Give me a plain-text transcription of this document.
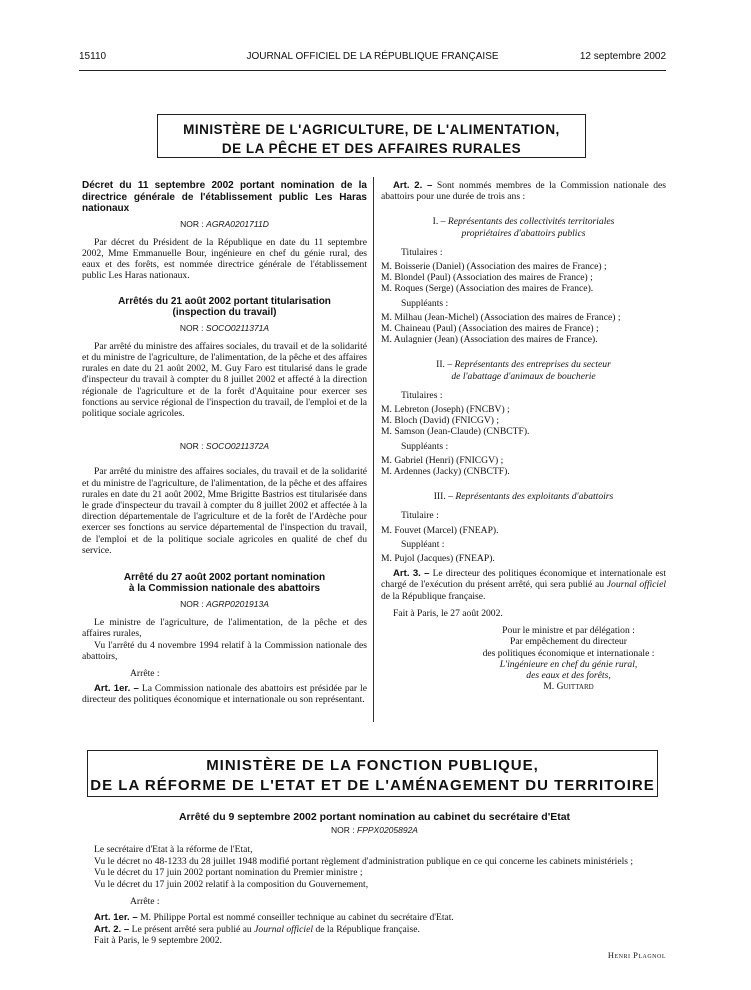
15110	JOURNAL OFFICIEL DE LA RÉPUBLIQUE FRANÇAISE	12 septembre 2002
MINISTÈRE DE L'AGRICULTURE, DE L'ALIMENTATION,
DE LA PÊCHE ET DES AFFAIRES RURALES
Décret du 11 septembre 2002 portant nomination de la directrice générale de l'établissement public Les Haras nationaux
NOR : AGRA0201711D

Par décret du Président de la République en date du 11 septembre 2002, Mme Emmanuelle Bour, ingénieure en chef du génie rural, des eaux et des forêts, est nommée directrice générale de l'établissement public Les Haras nationaux.

Arrêtés du 21 août 2002 portant titularisation
(inspection du travail)
NOR : SOCO0211371A

Par arrêté du ministre des affaires sociales, du travail et de la solidarité et du ministre de l'agriculture, de l'alimentation, de la pêche et des affaires rurales en date du 21 août 2002, M. Guy Faro est titularisé dans le grade d'inspecteur du travail à compter du 8 juillet 2002 et affecté à la direction régionale de l'agriculture et de la forêt d'Aquitaine pour exercer ses fonctions au service régional de l'inspection du travail, de l'emploi et de la politique sociale agricoles.

NOR : SOCO0211372A

Par arrêté du ministre des affaires sociales, du travail et de la solidarité et du ministre de l'agriculture, de l'alimentation, de la pêche et des affaires rurales en date du 21 août 2002, Mme Brigitte Bastrios est titularisée dans le grade d'inspecteur du travail à compter du 8 juillet 2002 et affectée à la direction départementale de l'agriculture et de la forêt de l'Ardèche pour exercer ses fonctions au service départemental de l'inspection du travail, de l'emploi et de la politique sociale agricoles en qualité de chef du service.

Arrêté du 27 août 2002 portant nomination
à la Commission nationale des abattoirs
NOR : AGRP0201913A

Le ministre de l'agriculture, de l'alimentation, de la pêche et des affaires rurales,

Vu l'arrêté du 4 novembre 1994 relatif à la Commission nationale des abattoirs,

Arrête :

Art. 1er. – La Commission nationale des abattoirs est présidée par le directeur des politiques économique et internationale ou son représentant.

Art. 2. – Sont nommés membres de la Commission nationale des abattoirs pour une durée de trois ans :

I. – Représentants des collectivités territoriales
propriétaires d'abattoirs publics
Titulaires :
M. Boisserie (Daniel) (Association des maires de France) ;
M. Blondel (Paul) (Association des maires de France) ;
M. Roques (Serge) (Association des maires de France).
Suppléants :
M. Milhau (Jean-Michel) (Association des maires de France) ;
M. Chaineau (Paul) (Association des maires de France) ;
M. Aulagnier (Jean) (Association des maires de France).
II. – Représentants des entreprises du secteur
de l'abattage d'animaux de boucherie
Titulaires :
M. Lebreton (Joseph) (FNCBV) ;
M. Bloch (David) (FNICGV) ;
M. Samson (Jean-Claude) (CNBCTF).
Suppléants :
M. Gabriel (Henri) (FNICGV) ;
M. Ardennes (Jacky) (CNBCTF).
III. – Représentants des exploitants d'abattoirs
Titulaire :
M. Fouvet (Marcel) (FNEAP).
Suppléant :
M. Pujol (Jacques) (FNEAP).

Art. 3. – Le directeur des politiques économique et internationale est chargé de l'exécution du présent arrêté, qui sera publié au Journal officiel de la République française.

Fait à Paris, le 27 août 2002.

Pour le ministre et par délégation :
Par empêchement du directeur
des politiques économique et internationale :
L'ingénieure en chef du génie rural,
des eaux et des forêts,
M. Guittard
MINISTÈRE DE LA FONCTION PUBLIQUE,
DE LA RÉFORME DE L'ETAT ET DE L'AMÉNAGEMENT DU TERRITOIRE
Arrêté du 9 septembre 2002 portant nomination au cabinet du secrétaire d'Etat
NOR : FPPX0205892A

Le secrétaire d'Etat à la réforme de l'Etat,

Vu le décret no 48-1233 du 28 juillet 1948 modifié portant règlement d'administration publique en ce qui concerne les cabinets ministériels ;

Vu le décret du 17 juin 2002 portant nomination du Premier ministre ;

Vu le décret du 17 juin 2002 relatif à la composition du Gouvernement,

Arrête :

Art. 1er. – M. Philippe Portal est nommé conseiller technique au cabinet du secrétaire d'Etat.

Art. 2. – Le présent arrêté sera publié au Journal officiel de la République française.

Fait à Paris, le 9 septembre 2002.

Henri Plagnol
